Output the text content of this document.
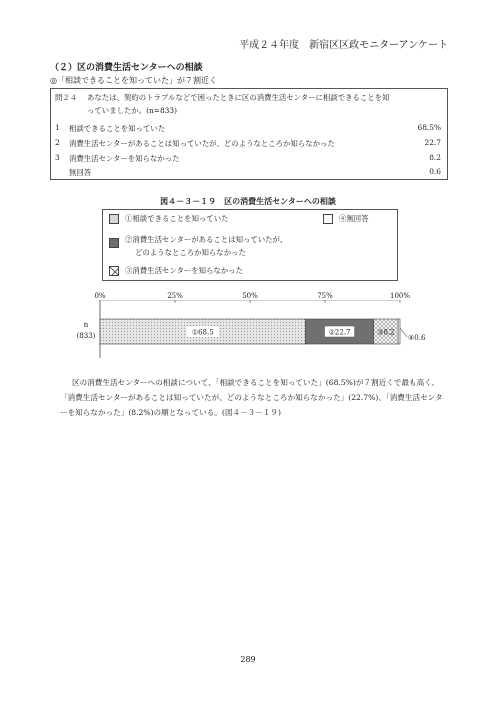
平成２４年度　新宿区区政モニターアンケート
（２）区の消費生活センターへの相談
◎「相談できることを知っていた」が７割近く
問２４ あなたは、契約のトラブルなどで困ったときに区の消費生活センターに相談できることを知
っていましたか。(n=833)
1 相談できることを知っていた	68.5%
2 消費生活センターがあることは知っていたが、どのようなところか知らなかった	22.7
3 消費生活センターを知らなかった	8.2
無回答	0.6
図４－３－１９　区の消費生活センターへの相談
①相談できることを知っていた	④無回答
②消費生活センターがあることは知っていたが、
どのようなところか知らなかった
③消費生活センターを知らなかった
0%	25%	50%	75%	100%
n
(833)	①68.5	②22.7	③8.2
④0.6
区の消費生活センターへの相談について、「相談できることを知っていた」(68.5%)が７割近くで最も高く、「消費生活センターがあることは知っていたが、どのようなところか知らなかった」(22.7%)、「消費生活センターを知らなかった」(8.2%)の順となっている。(図４－３－１９)
289
